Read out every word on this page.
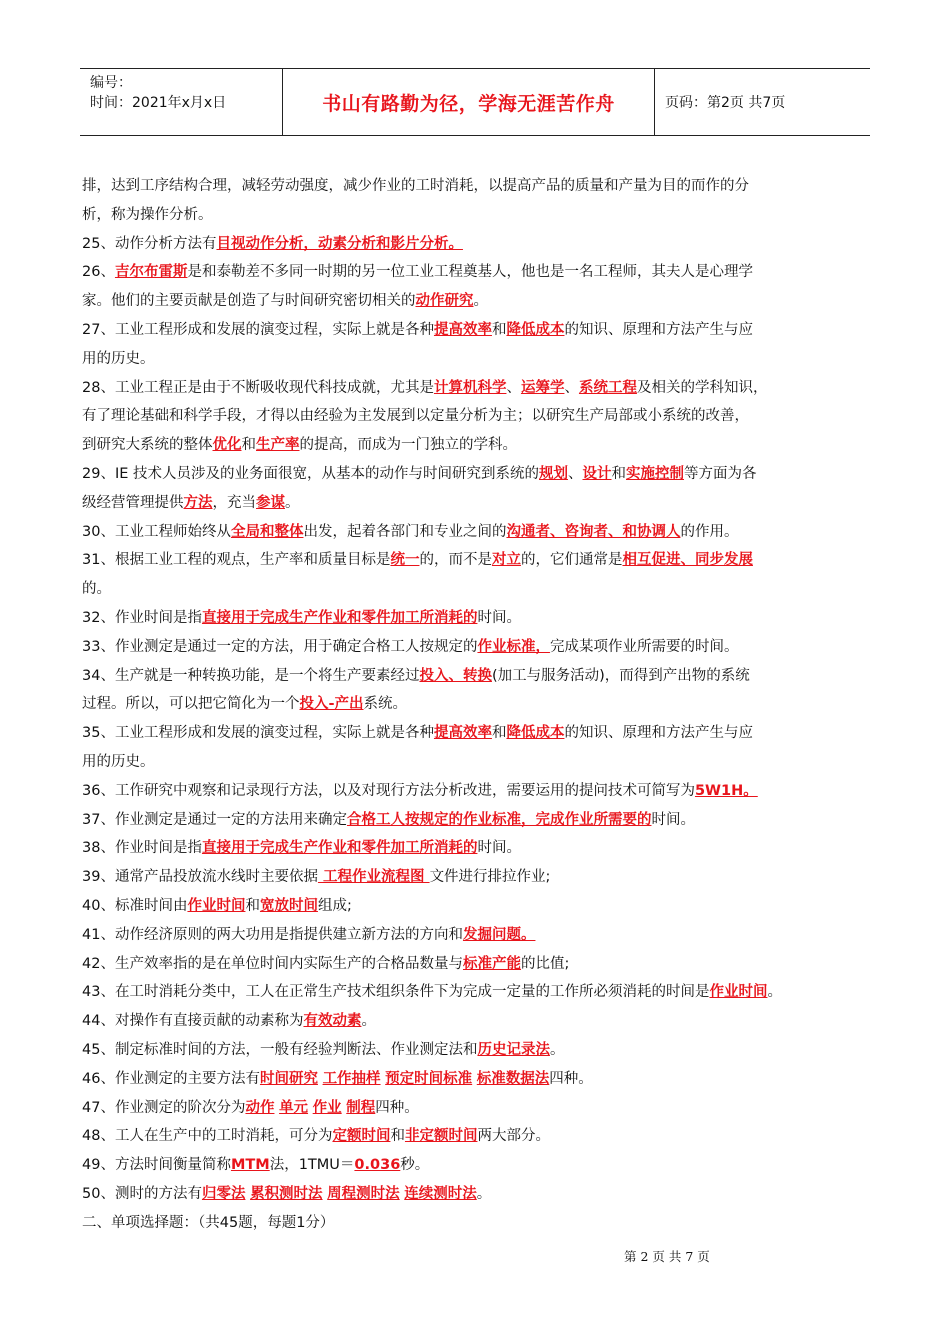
编号：
时间：2021年x月x日	书山有路勤为径，学海无涯苦作舟	页码：第2页 共7页
排，达到工序结构合理，减轻劳动强度，减少作业的工时消耗，以提高产品的质量和产量为目的而作的分
析，称为操作分析。
25、动作分析方法有目视动作分析，动素分析和影片分析。
26、吉尔布雷斯是和泰勒差不多同一时期的另一位工业工程奠基人，他也是一名工程师，其夫人是心理学
家。他们的主要贡献是创造了与时间研究密切相关的动作研究。
27、工业工程形成和发展的演变过程，实际上就是各种提高效率和降低成本的知识、原理和方法产生与应
用的历史。
28、工业工程正是由于不断吸收现代科技成就，尤其是计算机科学、运筹学、系统工程及相关的学科知识，
有了理论基础和科学手段，才得以由经验为主发展到以定量分析为主；以研究生产局部或小系统的改善，
到研究大系统的整体优化和生产率的提高，而成为一门独立的学科。
29、IE 技术人员涉及的业务面很宽，从基本的动作与时间研究到系统的规划、设计和实施控制等方面为各
级经营管理提供方法，充当参谋。
30、工业工程师始终从全局和整体出发，起着各部门和专业之间的沟通者、咨询者、和协调人的作用。
31、根据工业工程的观点，生产率和质量目标是统一的，而不是对立的，它们通常是相互促进、同步发展
的。
32、作业时间是指直接用于完成生产作业和零件加工所消耗的时间。
33、作业测定是通过一定的方法，用于确定合格工人按规定的作业标准，完成某项作业所需要的时间。
34、生产就是一种转换功能，是一个将生产要素经过投入、转换(加工与服务活动)，而得到产出物的系统
过程。所以，可以把它简化为一个投入-产出系统。
35、工业工程形成和发展的演变过程，实际上就是各种提高效率和降低成本的知识、原理和方法产生与应
用的历史。
36、工作研究中观察和记录现行方法，以及对现行方法分析改进，需要运用的提问技术可简写为5W1H。
37、作业测定是通过一定的方法用来确定合格工人按规定的作业标准，完成作业所需要的时间。
38、作业时间是指直接用于完成生产作业和零件加工所消耗的时间。
39、通常产品投放流水线时主要依据 工程作业流程图 文件进行排拉作业;
40、标准时间由作业时间和宽放时间组成;
41、动作经济原则的两大功用是指提供建立新方法的方向和发掘问题。
42、生产效率指的是在单位时间内实际生产的合格品数量与标准产能的比值;
43、在工时消耗分类中，工人在正常生产技术组织条件下为完成一定量的工作所必须消耗的时间是作业时间。
44、对操作有直接贡献的动素称为有效动素。
45、制定标准时间的方法，一般有经验判断法、作业测定法和历史记录法。
46、作业测定的主要方法有时间研究 工作抽样 预定时间标准 标准数据法四种。
47、作业测定的阶次分为动作 单元 作业 制程四种。
48、工人在生产中的工时消耗，可分为定额时间和非定额时间两大部分。
49、方法时间衡量简称MTM法，1TMU＝0.036秒。
50、测时的方法有归零法 累积测时法 周程测时法 连续测时法。
二、单项选择题：（共45题，每题1分）
第 2 页 共 7 页
